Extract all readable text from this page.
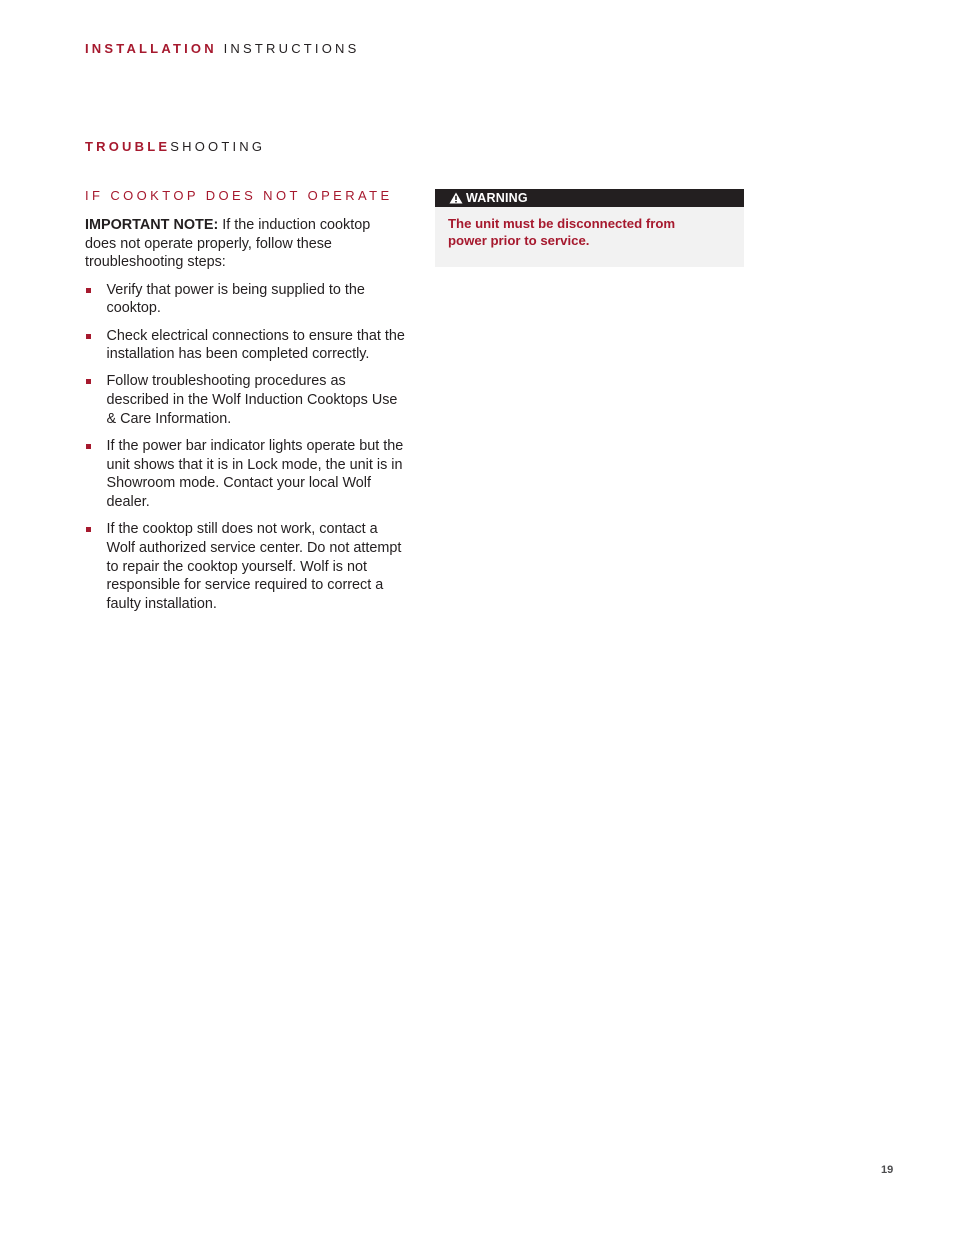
INSTALLATION INSTRUCTIONS
TROUBLESHOOTING
IF COOKTOP DOES NOT OPERATE

IMPORTANT NOTE: If the induction cooktop does not operate properly, follow these troubleshooting steps:

Verify that power is being supplied to the cooktop.
Check electrical connections to ensure that the installation has been completed correctly.
Follow troubleshooting procedures as described in the Wolf Induction Cooktops Use & Care Information.
If the power bar indicator lights operate but the unit shows that it is in Lock mode, the unit is in Showroom mode. Contact your local Wolf dealer.
If the cooktop still does not work, contact a Wolf authorized service center. Do not attempt to repair the cooktop yourself. Wolf is not responsible for service required to correct a faulty installation.
WARNING
The unit must be disconnected from power prior to service.
19
